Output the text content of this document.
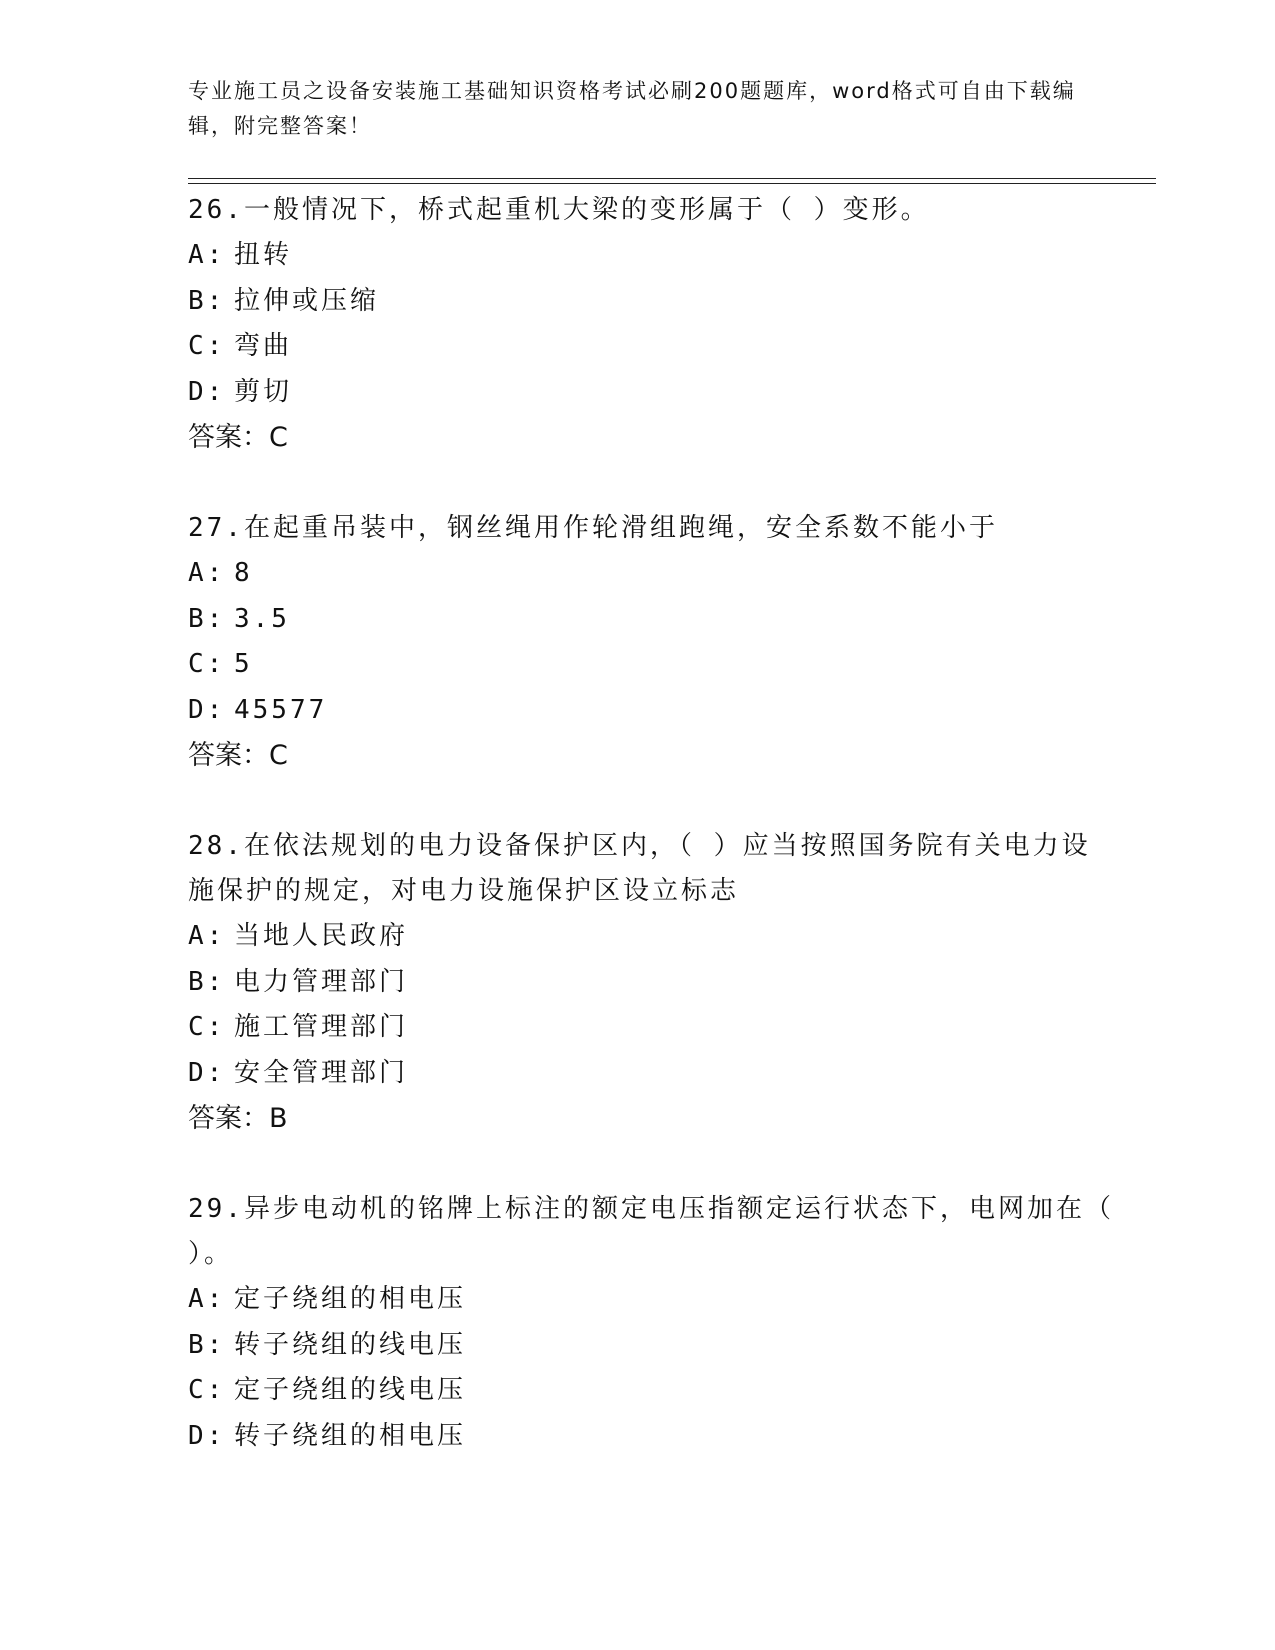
专业施工员之设备安装施工基础知识资格考试必刷200题题库，word格式可自由下载编辑，附完整答案！

26.一般情况下，桥式起重机大梁的变形属于（ ）变形。

A: 扭转

B: 拉伸或压缩

C: 弯曲

D: 剪切

答案：C

27.在起重吊装中，钢丝绳用作轮滑组跑绳，安全系数不能小于

A: 8

B: 3.5

C: 5

D: 45577

答案：C

28.在依法规划的电力设备保护区内，（ ）应当按照国务院有关电力设施保护的规定，对电力设施保护区设立标志

A: 当地人民政府

B: 电力管理部门

C: 施工管理部门

D: 安全管理部门

答案：B

29.异步电动机的铭牌上标注的额定电压指额定运行状态下，电网加在（ ）。

A: 定子绕组的相电压

B: 转子绕组的线电压

C: 定子绕组的线电压

D: 转子绕组的相电压
